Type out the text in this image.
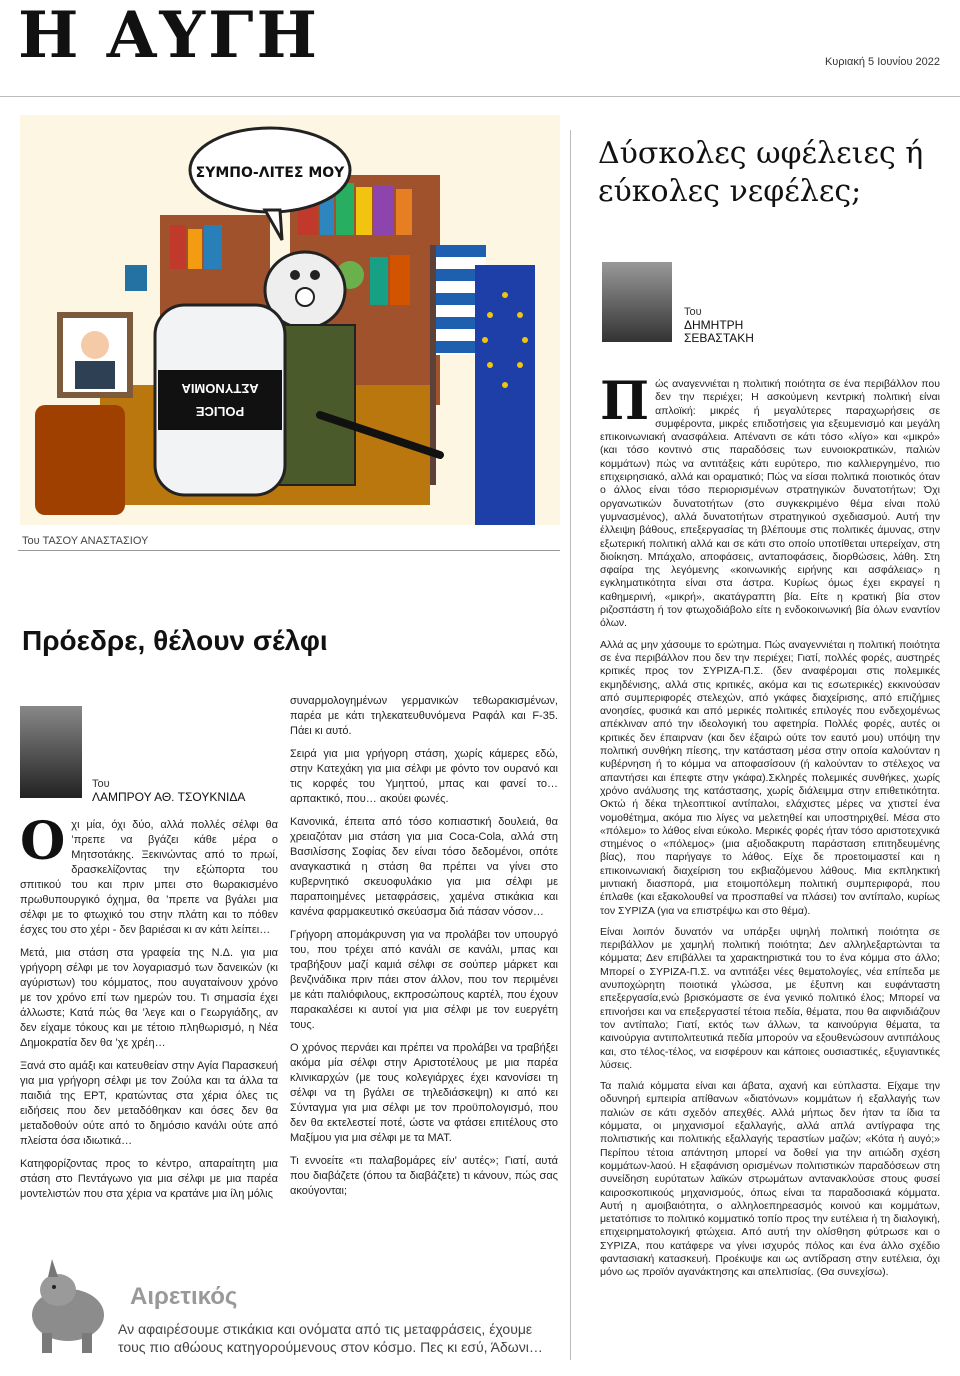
Η ΑΥΓΗ	Κυριακή 5 Ιουνίου 2022
ΑΣΤΥΝΟΜΙΑ
POLICE
ΣΥΜΠΟ-ΛΙΤΕΣ ΜΟΥ
Του ΤΑΣΟΥ ΑΝΑΣΤΑΣΙΟΥ
Πρόεδρε, θέλουν σέλφι
Του
ΛΑΜΠΡΟΥ ΑΘ. ΤΣΟΥΚΝΙΔΑ

Οχι μία, όχι δύο, αλλά πολλές σέλφι θα ’πρεπε να βγάζει κάθε μέρα ο Μητσοτάκης. Ξεκινώντας από το πρωί, δρασκελίζοντας την εξώπορτα του σπιτικού του και πριν μπει στο θωρακισμένο πρωθυπουργικό όχημα, θα ’πρεπε να βγάλει μια σέλφι με το φτωχικό του στην πλάτη και το πόθεν έσχες του στο χέρι - δεν βαριέσαι κι αν κάτι λείπει…

Μετά, μια στάση στα γραφεία της Ν.Δ. για μια γρήγορη σέλφι με τον λογαριασμό των δανεικών (κι αγύριστων) του κόμματος, που αυγαταίνουν χρόνο με τον χρόνο επί των ημερών του. Τι σημασία έχει άλλωστε; Κατά πώς θα ’λεγε και ο Γεωργιάδης, αν δεν είχαμε τόκους και με τέτοιο πληθωρισμό, η Νέα Δημοκρατία δεν θα ’χε χρέη…

Ξανά στο αμάξι και κατευθείαν στην Αγία Παρασκευή για μια γρήγορη σέλφι με τον Ζούλα και τα άλλα τα παιδιά της ΕΡΤ, κρατώντας στα χέρια όλες τις ειδήσεις που δεν μεταδόθηκαν και όσες δεν θα μεταδοθούν ούτε από το δημόσιο κανάλι ούτε από πλείστα όσα ιδιωτικά…

Κατηφορίζοντας προς το κέντρο, απαραίτητη μια στάση στο Πεντάγωνο για μια σέλφι με μια παρέα μοντελιστών που στα χέρια να κρατάνε μια ίλη μόλις

συναρμολογημένων γερμανικών τεθωρακισμένων, παρέα με κάτι τηλεκατευθυνόμενα Ραφάλ και F-35. Πάει κι αυτό.

Σειρά για μια γρήγορη στάση, χωρίς κάμερες εδώ, στην Κατεχάκη για μια σέλφι με φόντο τον ουρανό και τις κορφές του Υμηττού, μπας και φανεί το… αρπακτικό, που… ακούει φωνές.

Κανονικά, έπειτα από τόσο κοπιαστική δουλειά, θα χρειαζόταν μια στάση για μια Coca-Cola, αλλά στη Βασιλίσσης Σοφίας δεν είναι τόσο δεδομένοι, οπότε αναγκαστικά η στάση θα πρέπει να γίνει στο κυβερνητικό σκευοφυλάκιο για μια σέλφι με παραποιημένες μεταφράσεις, χαμένα στικάκια και κανένα φαρμακευτικό σκεύασμα διά πάσαν νόσον…

Γρήγορη απομάκρυνση για να προλάβει τον υπουργό του, που τρέχει από κανάλι σε κανάλι, μπας και τραβήξουν μαζί καμιά σέλφι σε σούπερ μάρκετ και βενζινάδικα πριν πάει στον άλλον, που τον περιμένει με κάτι παλιόφιλους, εκπροσώπους καρτέλ, που έχουν παρακαλέσει κι αυτοί για μια σέλφι με τον ευεργέτη τους.

Ο χρόνος περνάει και πρέπει να προλάβει να τραβήξει ακόμα μία σέλφι στην Αριστοτέλους με μια παρέα κλινικαρχών (με τους κολεγιάρχες έχει κανονίσει τη σέλφι να τη βγάλει σε τηλεδιάσκεψη) κι από κει Σύνταγμα για μια σέλφι με τον προϋπολογισμό, που δεν θα εκτελεστεί ποτέ, ώστε να φτάσει επιτέλους στο Μαξίμου για μια σέλφι με τα ΜΑΤ.

Τι εννοείτε «τι παλαβομάρες είν’ αυτές»; Γιατί, αυτά που διαβάζετε (όπου τα διαβάζετε) τι κάνουν, πώς σας ακούγονται;

Δύσκολες ωφέλειες ή
εύκολες νεφέλες;
Του
ΔΗΜΗΤΡΗ
ΣΕΒΑΣΤΑΚΗ

Πώς αναγεννιέται η πολιτική ποιότητα σε ένα περιβάλλον που δεν την περιέχει; Η ασκούμενη κεντρική πολιτική είναι απλοϊκή: μικρές ή μεγαλύτερες παραχωρήσεις σε συμφέροντα, μικρές επιδοτήσεις για εξευμενισμό και μεγάλη επικοινωνιακή ανασφάλεια. Απέναντι σε κάτι τόσο «λίγο» και «μικρό» (και τόσο κοντινό στις παραδόσεις των ευνοιοκρατικών, παλιών κομμάτων) πώς να αντιτάξεις κάτι ευρύτερο, πιο καλλιεργημένο, πιο επιχειρησιακό, αλλά και οραματικό; Πώς να είσαι πολιτικά ποιοτικός όταν ο άλλος είναι τόσο περιορισμένων στρατηγικών δυνατοτήτων; Όχι οργανωτικών δυνατοτήτων (στο συγκεκριμένο θέμα είναι πολύ γυμνασμένος), αλλά δυνατοτήτων στρατηγικού σχεδιασμού. Αυτή την έλλειψη βάθους, επεξεργασίας τη βλέπουμε στις πολιτικές άμυνας, στην εξωτερική πολιτική αλλά και σε κάτι στο οποίο υποτίθεται υπερείχαν, στη διοίκηση. Μπάχαλο, αποφάσεις, ανταποφάσεις, διορθώσεις, λάθη. Στη σφαίρα της λεγόμενης «κοινωνικής ειρήνης και ασφάλειας» η εγκληματικότητα είναι στα άστρα. Κυρίως όμως έχει εκραγεί η καθημερινή, «μικρή», ακατάγραπτη βία. Είτε η κρατική βία στον ριζοσπάστη ή τον φτωχοδιάβολο είτε η ενδοκοινωνική βία όλων εναντίον όλων.

Αλλά ας μην χάσουμε το ερώτημα. Πώς αναγεννιέται η πολιτική ποιότητα σε ένα περιβάλλον που δεν την περιέχει; Γιατί, πολλές φορές, αυστηρές κριτικές προς τον ΣΥΡΙΖΑ-Π.Σ. (δεν αναφέρομαι στις πολεμικές εκμηδένισης, αλλά στις κριτικές, ακόμα και τις εσωτερικές) εκκινούσαν από συμπεριφορές στελεχών, από γκάφες διαχείρισης, από επιζήμιες ανοησίες, φυσικά και από μερικές πολιτικές επιλογές που ενδεχομένως απέκλιναν από την ιδεολογική του αφετηρία. Πολλές φορές, αυτές οι κριτικές δεν έπαιρναν (και δεν έξαιρώ ούτε τον εαυτό μου) υπόψη την πολιτική συνθήκη πίεσης, την κατάσταση μέσα στην οποία καλούνταν η κυβέρνηση ή το κόμμα να αποφασίσουν (ή καλούνταν το στέλεχος να απαντήσει και έπεφτε στην γκάφα).Σκληρές πολεμικές συνθήκες, χωρίς χρόνο ανάλυσης της κατάστασης, χωρίς διάλειμμα στην επιθετικότητα. Οκτώ ή δέκα τηλεοπτικοί αντίπαλοι, ελάχιστες μέρες να χτιστεί ένα νομοθέτημα, ακόμα πιο λίγες να μελετηθεί και υποστηριχθεί. Μέσα στο «πόλεμο» το λάθος είναι εύκολο. Μερικές φορές ήταν τόσο αριστοτεχνικά στημένος ο «πόλεμος» (μια αξιοδακρυτη παράσταση επιτηδευμένης βίας), που παρήγαγε το λάθος. Είχε δε προετοιμαστεί και η επικοινωνιακή διαχείριση του εκβιαζόμενου λάθους. Μια εκπληκτική μιντιακή διασπορά, μια ετοιμοπόλεμη πολιτική συμπεριφορά, που έπλαθε (και εξακολουθεί να προσπαθεί να πλάσει) τον αντίπαλο, κυρίως τον ΣΥΡΙΖΑ (για να επιστρέψω και στο θέμα).

Είναι λοιπόν δυνατόν να υπάρξει υψηλή πολιτική ποιότητα σε περιβάλλον με χαμηλή πολιτική ποιότητα; Δεν αλληλεξαρτώνται τα κόμματα; Δεν επιβάλλει τα χαρακτηριστικά του το ένα κόμμα στο άλλο; Μπορεί ο ΣΥΡΙΖΑ-Π.Σ. να αντιτάξει νέες θεματολογίες, νέα επίπεδα με ανυποχώρητη ποιοτικά γλώσσα, με έξυπνη και ευφάνταστη επεξεργασία,ενώ βρισκόμαστε σε ένα γενικό πολιτικό έλος; Μπορεί να επινοήσει και να επεξεργαστεί τέτοια πεδία, θέματα, που θα αιφνιδιάζουν τον αντίπαλο; Γιατί, εκτός των άλλων, τα καινούργια θέματα, τα καινούργια αντιπολιτευτικά πεδία μπορούν να εξουθενώσουν αντιπάλους και, στο τέλος-τέλος, να εισφέρουν και κάποιες ουσιαστικές, εξυγιαντικές λύσεις.

Τα παλιά κόμματα είναι και άβατα, αχανή και εύπλαστα. Είχαμε την οδυνηρή εμπειρία απίθανων «διατόνων» κομμάτων ή εξαλλαγής των παλιών σε κάτι σχεδόν απεχθές. Αλλά μήπως δεν ήταν τα ίδια τα κόμματα, οι μηχανισμοί εξαλλαγής, αλλά απλά αντίγραφα της πολιτιστικής και πολιτικής εξαλλαγής τεραστίων μαζών; «Κότα ή αυγό;» Περίπου τέτοια απάντηση μπορεί να δοθεί για την αιτιώδη σχέση κομμάτων-λαού. Η εξαφάνιση ορισμένων πολιτιστικών παραδόσεων στη συνείδηση ευρύτατων λαϊκών στρωμάτων αντανακλούσε στους φυσεί καιροσκοπικούς μηχανισμούς, όπως είναι τα παραδοσιακά κόμματα. Αυτή η αμοιβαιότητα, ο αλληλοεπηρεασμός κοινού και κομμάτων, μετατόπισε το πολιτικό κομματικό τοπίο προς την ευτέλεια ή τη διαλογική, επιχειρηματολογική φτώχεια. Από αυτή την ολίσθηση φύτρωσε και ο ΣΥΡΙΖΑ, που κατάφερε να γίνει ισχυρός πόλος και ένα άλλο σχέδιο φαντασιακή κατασκευή. Προέκυψε και ως αντίδραση στην ευτέλεια, όχι μόνο ως προϊόν αγανάκτησης και απελπισίας. (Θα συνεχίσω).

Αιρετικός
Αν αφαιρέσουμε στικάκια και ονόματα από τις μεταφράσεις, έχουμε τους πιο αθώους κατηγορούμενους στον κόσμο. Πες κι εσύ, Άδωνι…
